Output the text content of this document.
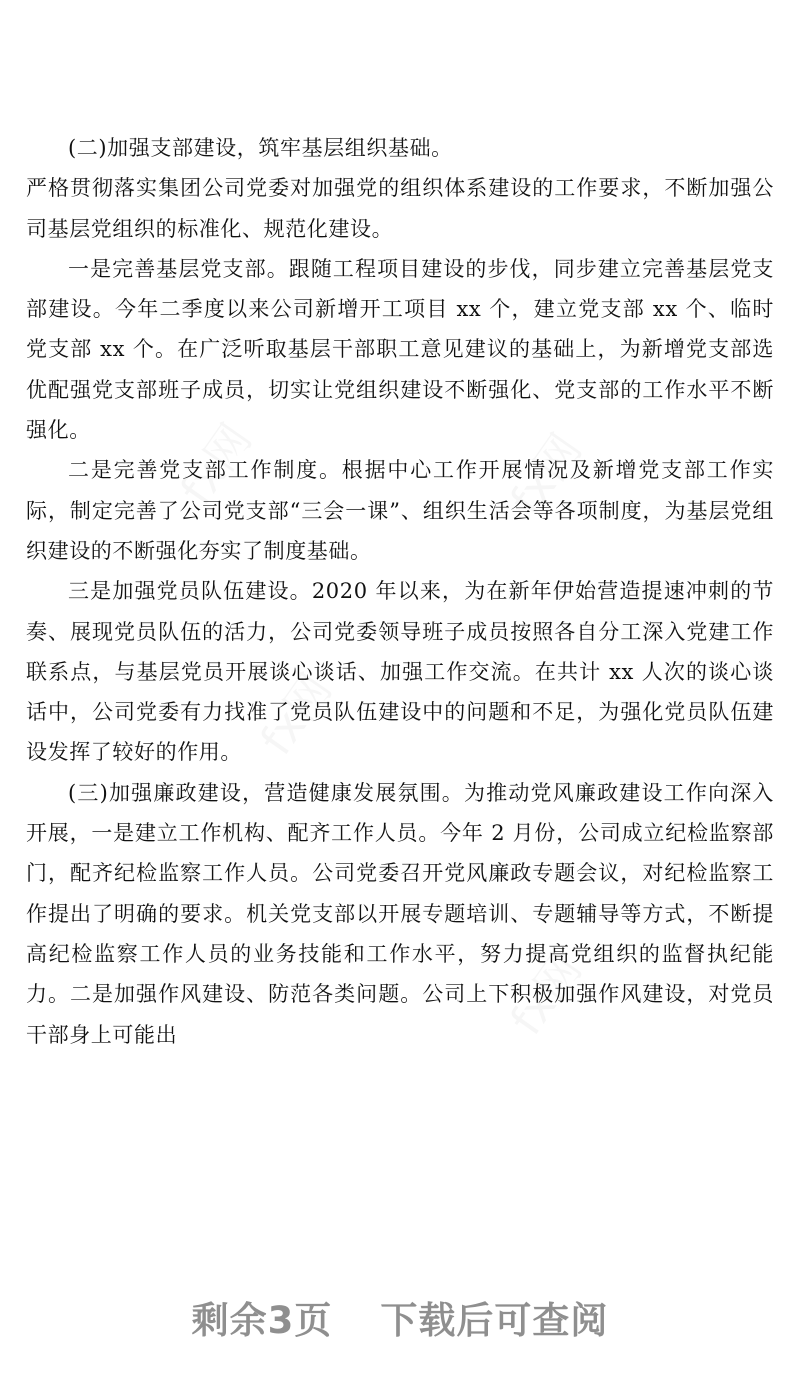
fx网	fx网
fx网
fx网

(二)加强支部建设，筑牢基层组织基础。

严格贯彻落实集团公司党委对加强党的组织体系建设的工作要求，不断加强公司基层党组织的标准化、规范化建设。

一是完善基层党支部。跟随工程项目建设的步伐，同步建立完善基层党支部建设。今年二季度以来公司新增开工项目 xx 个，建立党支部 xx 个、临时党支部 xx 个。在广泛听取基层干部职工意见建议的基础上，为新增党支部选优配强党支部班子成员，切实让党组织建设不断强化、党支部的工作水平不断强化。

二是完善党支部工作制度。根据中心工作开展情况及新增党支部工作实际，制定完善了公司党支部“三会一课”、组织生活会等各项制度，为基层党组织建设的不断强化夯实了制度基础。

三是加强党员队伍建设。2020 年以来，为在新年伊始营造提速冲刺的节奏、展现党员队伍的活力，公司党委领导班子成员按照各自分工深入党建工作联系点，与基层党员开展谈心谈话、加强工作交流。在共计 xx 人次的谈心谈话中，公司党委有力找准了党员队伍建设中的问题和不足，为强化党员队伍建设发挥了较好的作用。

(三)加强廉政建设，营造健康发展氛围。为推动党风廉政建设工作向深入开展，一是建立工作机构、配齐工作人员。今年 2 月份，公司成立纪检监察部门，配齐纪检监察工作人员。公司党委召开党风廉政专题会议，对纪检监察工作提出了明确的要求。机关党支部以开展专题培训、专题辅导等方式，不断提高纪检监察工作人员的业务技能和工作水平，努力提高党组织的监督执纪能力。二是加强作风建设、防范各类问题。公司上下积极加强作风建设，对党员干部身上可能出

剩余3页 下载后可查阅
